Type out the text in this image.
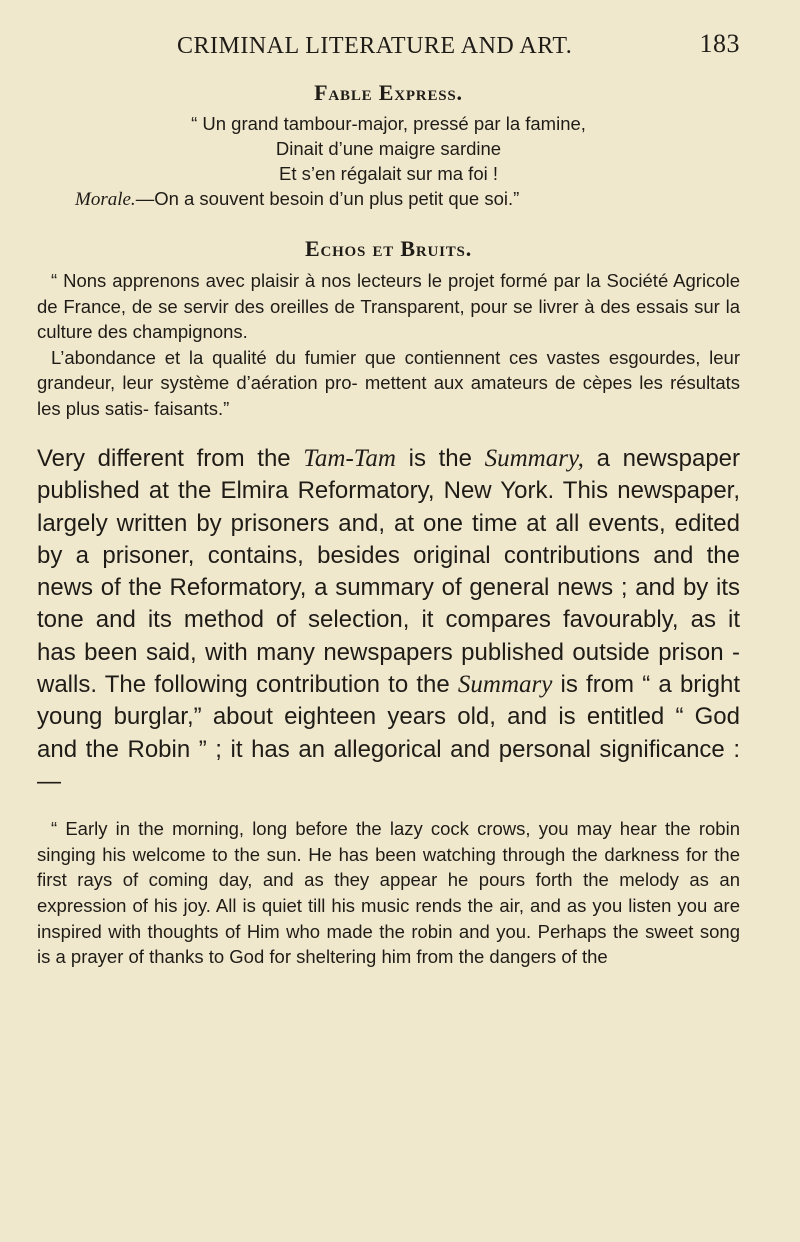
CRIMINAL LITERATURE AND ART.	183
Fable Express.
“ Un grand tambour-major, pressé par la famine,
Dinait d’une maigre sardine
Et s’en régalait sur ma foi !
Morale.—On a souvent besoin d’un plus petit que soi.”
Echos et Bruits.

“ Nons apprenons avec plaisir à nos lecteurs le projet formé par la Société Agricole de France, de se servir des oreilles de Transparent, pour se livrer à des essais sur la culture des champignons.

L’abondance et la qualité du fumier que contiennent ces vastes esgourdes, leur grandeur, leur système d’aération pro- mettent aux amateurs de cèpes les résultats les plus satis- faisants.”

Very different from the Tam-Tam is the Summary, a newspaper published at the Elmira Reformatory, New York. This newspaper, largely written by prisoners and, at one time at all events, edited by a prisoner, contains, besides original contributions and the news of the Reformatory, a summary of general news ; and by its tone and its method of selection, it compares favourably, as it has been said, with many newspapers published outside prison - walls. The following contribution to the Summary is from “ a bright young burglar,” about eighteen years old, and is entitled “ God and the Robin ” ; it has an allegorical and personal significance :—

“ Early in the morning, long before the lazy cock crows, you may hear the robin singing his welcome to the sun. He has been watching through the darkness for the first rays of coming day, and as they appear he pours forth the melody as an expression of his joy. All is quiet till his music rends the air, and as you listen you are inspired with thoughts of Him who made the robin and you. Perhaps the sweet song is a prayer of thanks to God for sheltering him from the dangers of the
